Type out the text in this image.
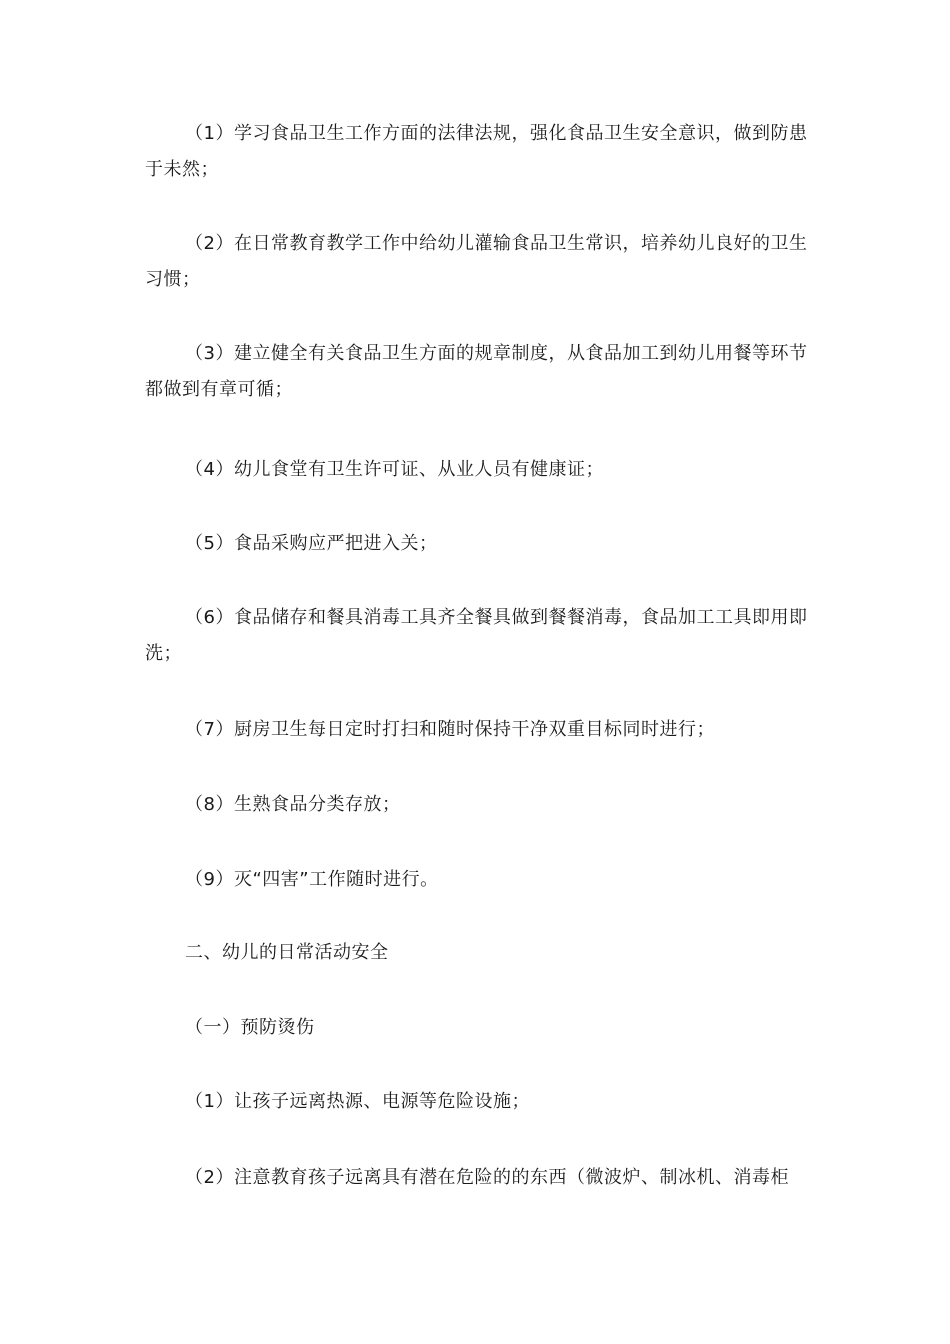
（1）学习食品卫生工作方面的法律法规，强化食品卫生安全意识，做到防患于未然；

（2）在日常教育教学工作中给幼儿灌输食品卫生常识，培养幼儿良好的卫生习惯；

（3）建立健全有关食品卫生方面的规章制度，从食品加工到幼儿用餐等环节都做到有章可循；

（4）幼儿食堂有卫生许可证、从业人员有健康证；

（5）食品采购应严把进入关；

（6）食品储存和餐具消毒工具齐全餐具做到餐餐消毒，食品加工工具即用即洗；

（7）厨房卫生每日定时打扫和随时保持干净双重目标同时进行；

（8）生熟食品分类存放；

（9）灭“四害”工作随时进行。

二、幼儿的日常活动安全

（一）预防烫伤

（1）让孩子远离热源、电源等危险设施；

（2）注意教育孩子远离具有潜在危险的的东西（微波炉、制冰机、消毒柜
